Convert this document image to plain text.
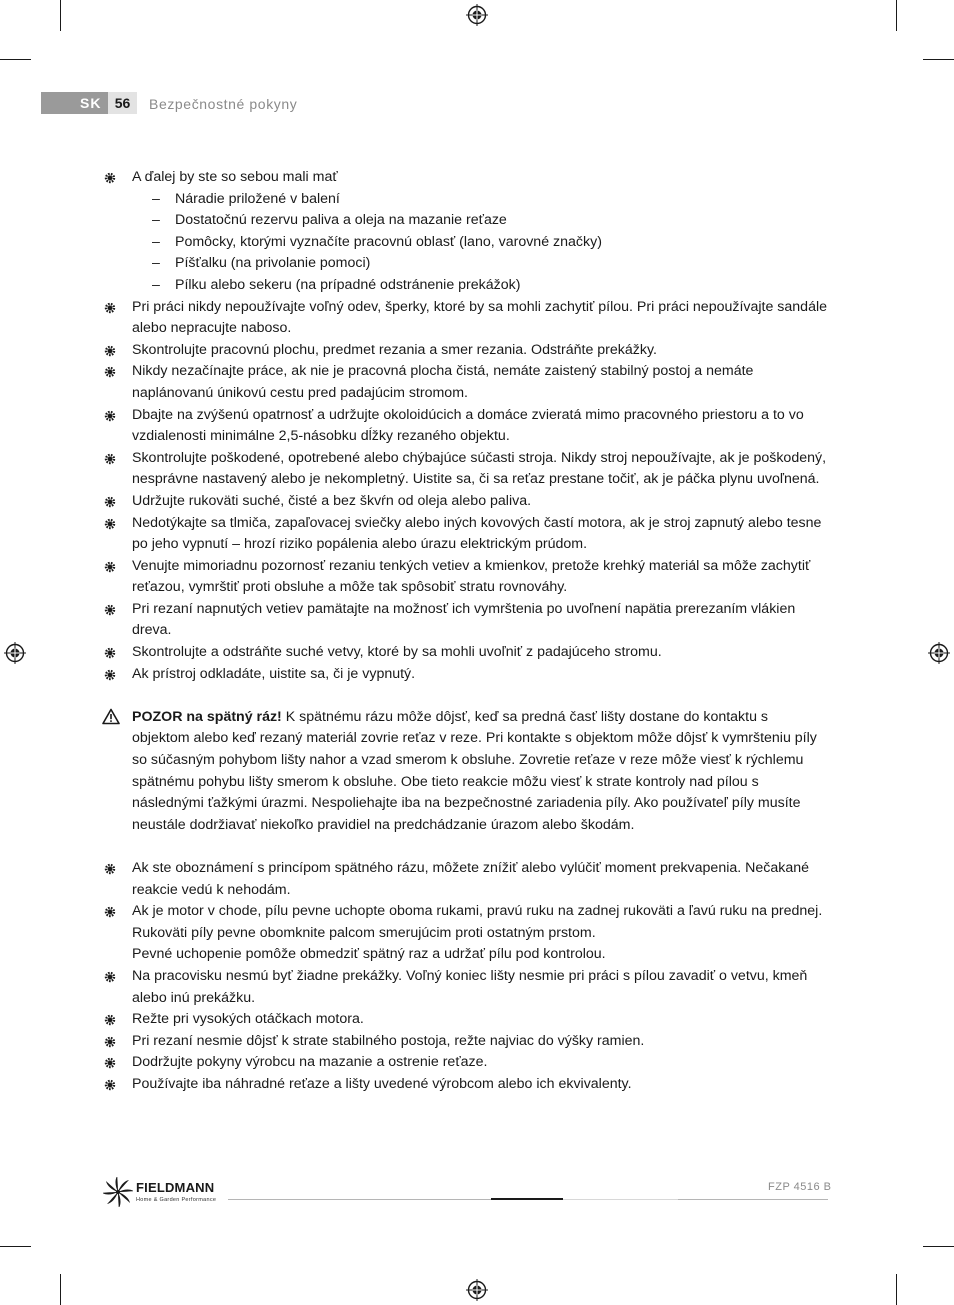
SK 56	Bezpečnostné pokyny
A ďalej by ste so sebou mali mať
– Náradie priložené v balení
– Dostatočnú rezervu paliva a oleja na mazanie reťaze
– Pomôcky, ktorými vyznačíte pracovnú oblasť (lano, varovné značky)
– Píšťalku (na privolanie pomoci)
– Pílku alebo sekeru (na prípadné odstránenie prekážok)
Pri práci nikdy nepoužívajte voľný odev, šperky, ktoré by sa mohli zachytiť pílou. Pri práci nepoužívajte sandále alebo nepracujte naboso.
Skontrolujte pracovnú plochu, predmet rezania a smer rezania. Odstráňte prekážky.
Nikdy nezačínajte práce, ak nie je pracovná plocha čistá, nemáte zaistený stabilný postoj a nemáte naplánovanú únikovú cestu pred padajúcim stromom.
Dbajte na zvýšenú opatrnosť a udržujte okoloidúcich a domáce zvieratá mimo pracovného priestoru a to vo vzdialenosti minimálne 2,5-násobku dĺžky rezaného objektu.
Skontrolujte poškodené, opotrebené alebo chýbajúce súčasti stroja. Nikdy stroj nepoužívajte, ak je poškodený, nesprávne nastavený alebo je nekompletný. Uistite sa, či sa reťaz prestane točiť, ak je páčka plynu uvoľnená.
Udržujte rukoväti suché, čisté a bez škvŕn od oleja alebo paliva.
Nedotýkajte sa tlmiča, zapaľovacej sviečky alebo iných kovových častí motora, ak je stroj zapnutý alebo tesne po jeho vypnutí – hrozí riziko popálenia alebo úrazu elektrickým prúdom.
Venujte mimoriadnu pozornosť rezaniu tenkých vetiev a kmienkov, pretože krehký materiál sa môže zachytiť reťazou, vymrštiť proti obsluhe a môže tak spôsobiť stratu rovnováhy.
Pri rezaní napnutých vetiev pamätajte na možnosť ich vymrštenia po uvoľnení napätia prerezaním vlákien dreva.
Skontrolujte a odstráňte suché vetvy, ktoré by sa mohli uvoľniť z padajúceho stromu.
Ak prístroj odkladáte, uistite sa, či je vypnutý.
POZOR na spätný ráz! K spätnému rázu môže dôjsť, keď sa predná časť lišty dostane do kontaktu s objektom alebo keď rezaný materiál zovrie reťaz v reze. Pri kontakte s objektom môže dôjsť k vymršteniu píly so súčasným pohybom lišty nahor a vzad smerom k obsluhe. Zovretie reťaze v reze môže viesť k rýchlemu spätnému pohybu lišty smerom k obsluhe. Obe tieto reakcie môžu viesť k strate kontroly nad pílou s následnými ťažkými úrazmi. Nespoliehajte iba na bezpečnostné zariadenia píly. Ako používateľ píly musíte neustále dodržiavať niekoľko pravidiel na predchádzanie úrazom alebo škodám.
Ak ste oboznámení s princípom spätného rázu, môžete znížiť alebo vylúčiť moment prekvapenia. Nečakané reakcie vedú k nehodám.
Ak je motor v chode, pílu pevne uchopte oboma rukami, pravú ruku na zadnej rukoväti a ľavú ruku na prednej. Rukoväti píly pevne obomknite palcom smerujúcim proti ostatným prstom.
Pevné uchopenie pomôže obmedziť spätný raz a udržať pílu pod kontrolou.
Na pracovisku nesmú byť žiadne prekážky. Voľný koniec lišty nesmie pri práci s pílou zavadiť o vetvu, kmeň alebo inú prekážku.
Režte pri vysokých otáčkach motora.
Pri rezaní nesmie dôjsť k strate stabilného postoja, režte najviac do výšky ramien.
Dodržujte pokyny výrobcu na mazanie a ostrenie reťaze.
Používajte iba náhradné reťaze a lišty uvedené výrobcom alebo ich ekvivalenty.
FIELDMANN
Home & Garden Performance
FZP 4516 B
